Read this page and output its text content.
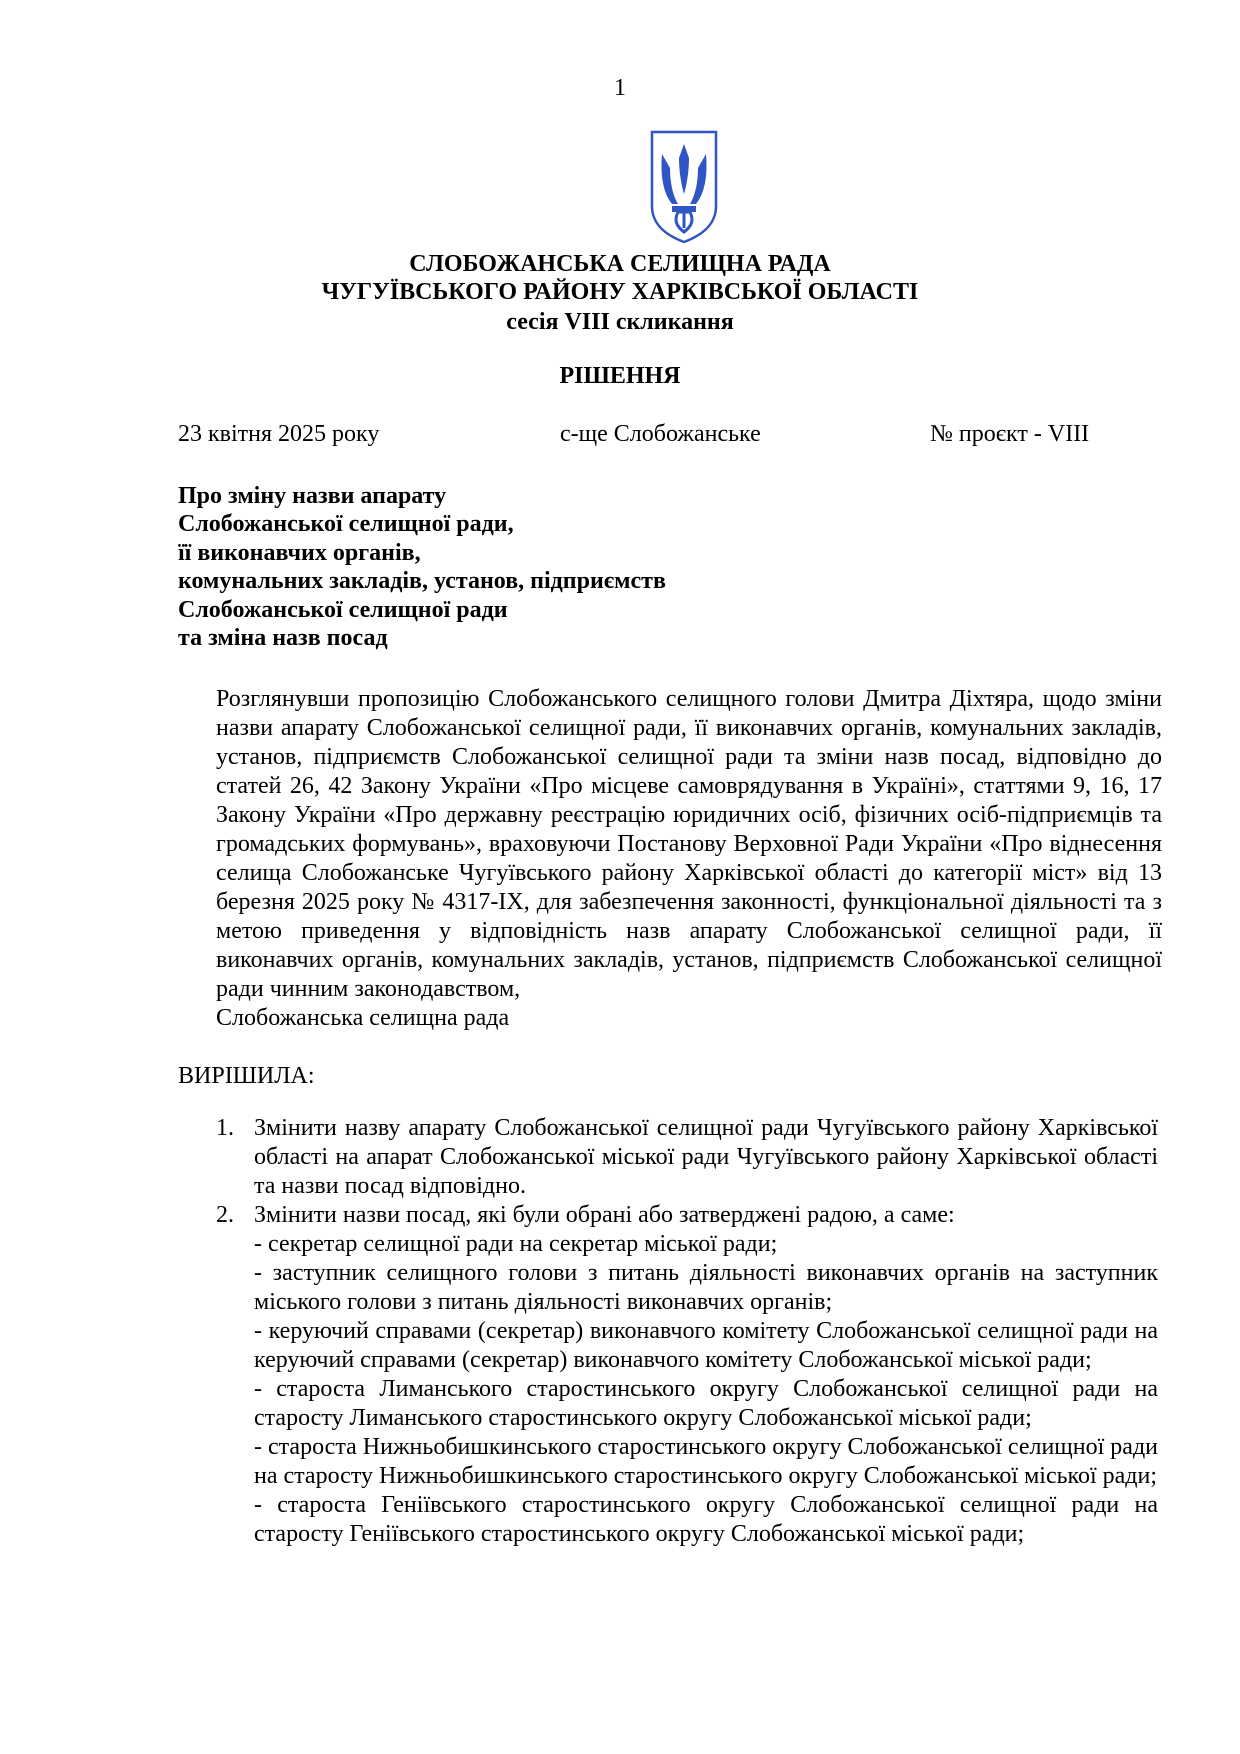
1
СЛОБОЖАНСЬКА СЕЛИЩНА РАДА
ЧУГУЇВСЬКОГО РАЙОНУ ХАРКІВСЬКОЇ ОБЛАСТІ
сесія VIII скликання
РІШЕННЯ
23 квітня 2025 року	с-ще Слобожанське	№ проєкт - VIII
Про зміну назви апарату
Слобожанської селищної ради,
її виконавчих органів,
комунальних закладів, установ, підприємств
Слобожанської селищної ради
та зміна назв посад
Розглянувши пропозицію Слобожанського селищного голови Дмитра Діхтяра, щодо зміни назви апарату Слобожанської селищної ради, її виконавчих органів, комунальних закладів, установ, підприємств Слобожанської селищної ради та зміни назв посад, відповідно до статей 26, 42 Закону України «Про місцеве самоврядування в Україні», статтями 9, 16, 17 Закону України «Про державну реєстрацію юридичних осіб, фізичних осіб-підприємців та громадських формувань», враховуючи Постанову Верховної Ради України «Про віднесення селища Слобожанське Чугуївського району Харківської області до категорії міст» від 13 березня 2025 року № 4317-IX, для забезпечення законності, функціональної діяльності та з метою приведення у відповідність назв апарату Слобожанської селищної ради, її виконавчих органів, комунальних закладів, установ, підприємств Слобожанської селищної ради чинним законодавством,
Слобожанська селищна рада
ВИРІШИЛА:
1. Змінити назву апарату Слобожанської селищної ради Чугуївського району Харківської області на апарат Слобожанської міської ради Чугуївського району Харківської області та назви посад відповідно.
2. Змінити назви посад, які були обрані або затверджені радою, а саме:
- секретар селищної ради на секретар міської ради;
- заступник селищного голови з питань діяльності виконавчих органів на заступник міського голови з питань діяльності виконавчих органів;
- керуючий справами (секретар) виконавчого комітету Слобожанської селищної ради на керуючий справами (секретар) виконавчого комітету Слобожанської міської ради;
- староста Лиманського старостинського округу Слобожанської селищної ради на старосту Лиманського старостинського округу Слобожанської міської ради;
- староста Нижньобишкинського старостинського округу Слобожанської селищної ради на старосту Нижньобишкинського старостинського округу Слобожанської міської ради;
- староста Геніївського старостинського округу Слобожанської селищної ради на старосту Геніївського старостинського округу Слобожанської міської ради;
